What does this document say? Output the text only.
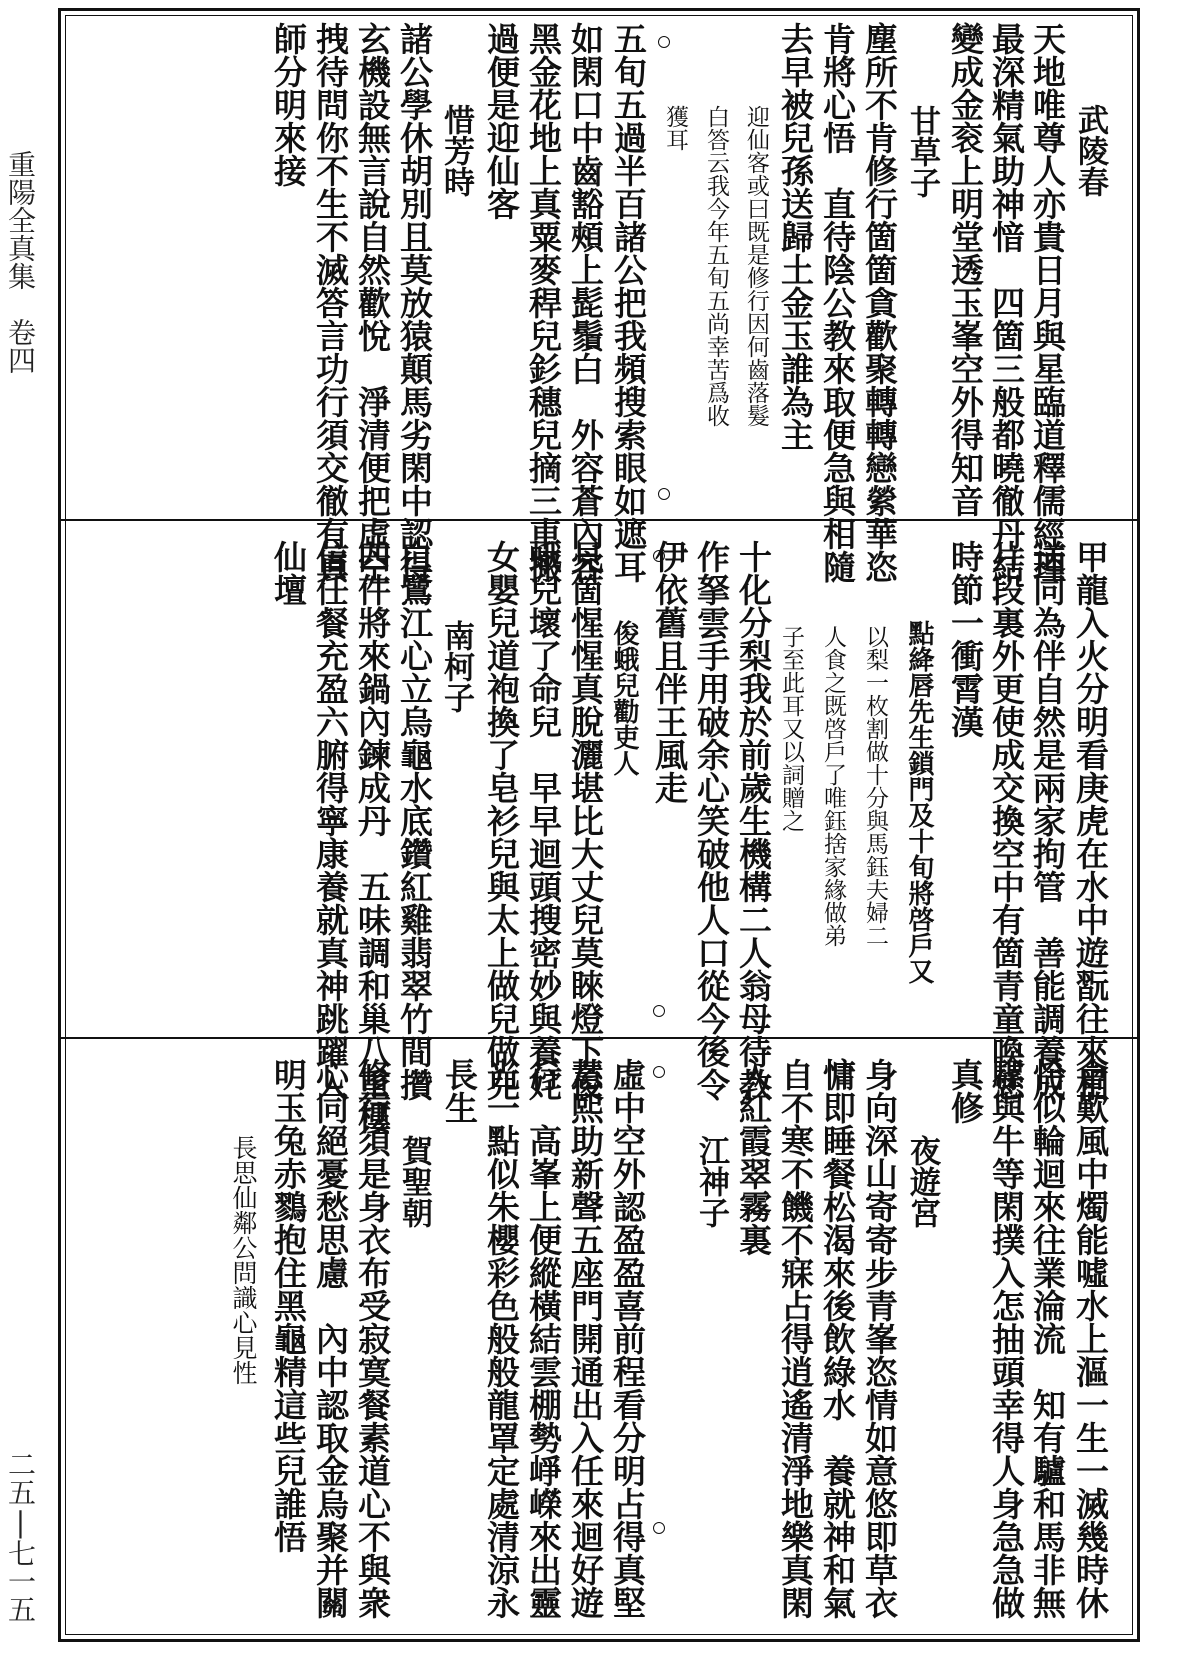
重陽全真集　卷四
二五|七一五
武陵春
天地唯尊人亦貴日月與星臨道釋儒經理
最深精氣助神愔　四箇三般都曉徹丹結
變成金衮上明堂透玉峯空外得知音
甘草子
塵所不肯修行箇箇貪歡聚轉轉戀縈華恣
肯將心悟　直待陰公教來取便急與相隨
去早被兒孫送歸土金玉誰為主
迎仙客或曰既是修行因何齒落髮
白答云我今年五旬五尚幸苦爲收
獲耳
五旬五過半百諸公把我頻搜索眼如遮耳
如閑口中齒豁頰上髭鬚白　外容蒼內容
黑金花地上真粟麥稈兒釤穗兒摘三車搬
過便是迎仙客
惜芳時
諸公學休胡別且莫放猿顛馬劣閑中認得
玄機設無言說自然歡悅　淨清便把虛空
拽待問你不生不滅答言功行須交徹有真
師分明來接
甲龍入火分明看庚虎在水中遊翫往來相
送同為伴自然是兩家拘管　善能調養成
片段裏外更使成交換空中有箇青童喚恁
時節一衝霄漢
點絳唇先生鎖門及十旬將啓戶又
以梨一枚割做十分與馬鈺夫婦二
人食之既啓戶了唯鈺捨家緣做弟
子至此耳又以詞贈之
十化分梨我於前歲生機構二人翁母待教
作拏雲手用破余心笑破他人口從今後令
伊依舊且伴王風走
俊蛾兒勸吏人
見箇惺惺真脫灑堪比大丈兒莫睞燈下俊
蛾兒壞了命兒　早早迴頭搜密妙與養姹
女嬰兒道袍換了皂衫兒與太上做兒做兒
南柯子
白鷺江心立烏龜水底鑽紅雞翡翠竹間攢
四件將來鍋內鍊成丹　五味調和巢八重樓
信任餐充盈六腑得寧康養就真神跳躍入
仙壇
會歎風中燭能噓水上漚一生一滅幾時休
恰似輪迴來往業淪流　知有驢和馬非無
騾與牛等閑撲入怎抽頭幸得人身急急做
真修
夜遊宮
身向深山寄寄步青峯恣情如意悠即草衣
慵即睡餐松渴來後飲綠水　養就神和氣
自不寒不饑不寐占得逍遙清淨地樂真閑
入紅霞翠霧裏
江神子
虛中空外認盈盈喜前程看分明占得真堅
慧熙助新聲五座門開通出入任來迴好遊
行　高峯上便縱橫結雲棚勢崢嶸來出靈
光一點似朱櫻彩色般般龍罩定處清涼永
長生
賀聖朝
修行須是身衣布受寂寞餐素道心不與衆
心同絕憂愁思慮　內中認取金烏聚并關
明玉兔赤鷚抱住黑龜精這些兒誰悟
長思仙鄰公問識心見性
